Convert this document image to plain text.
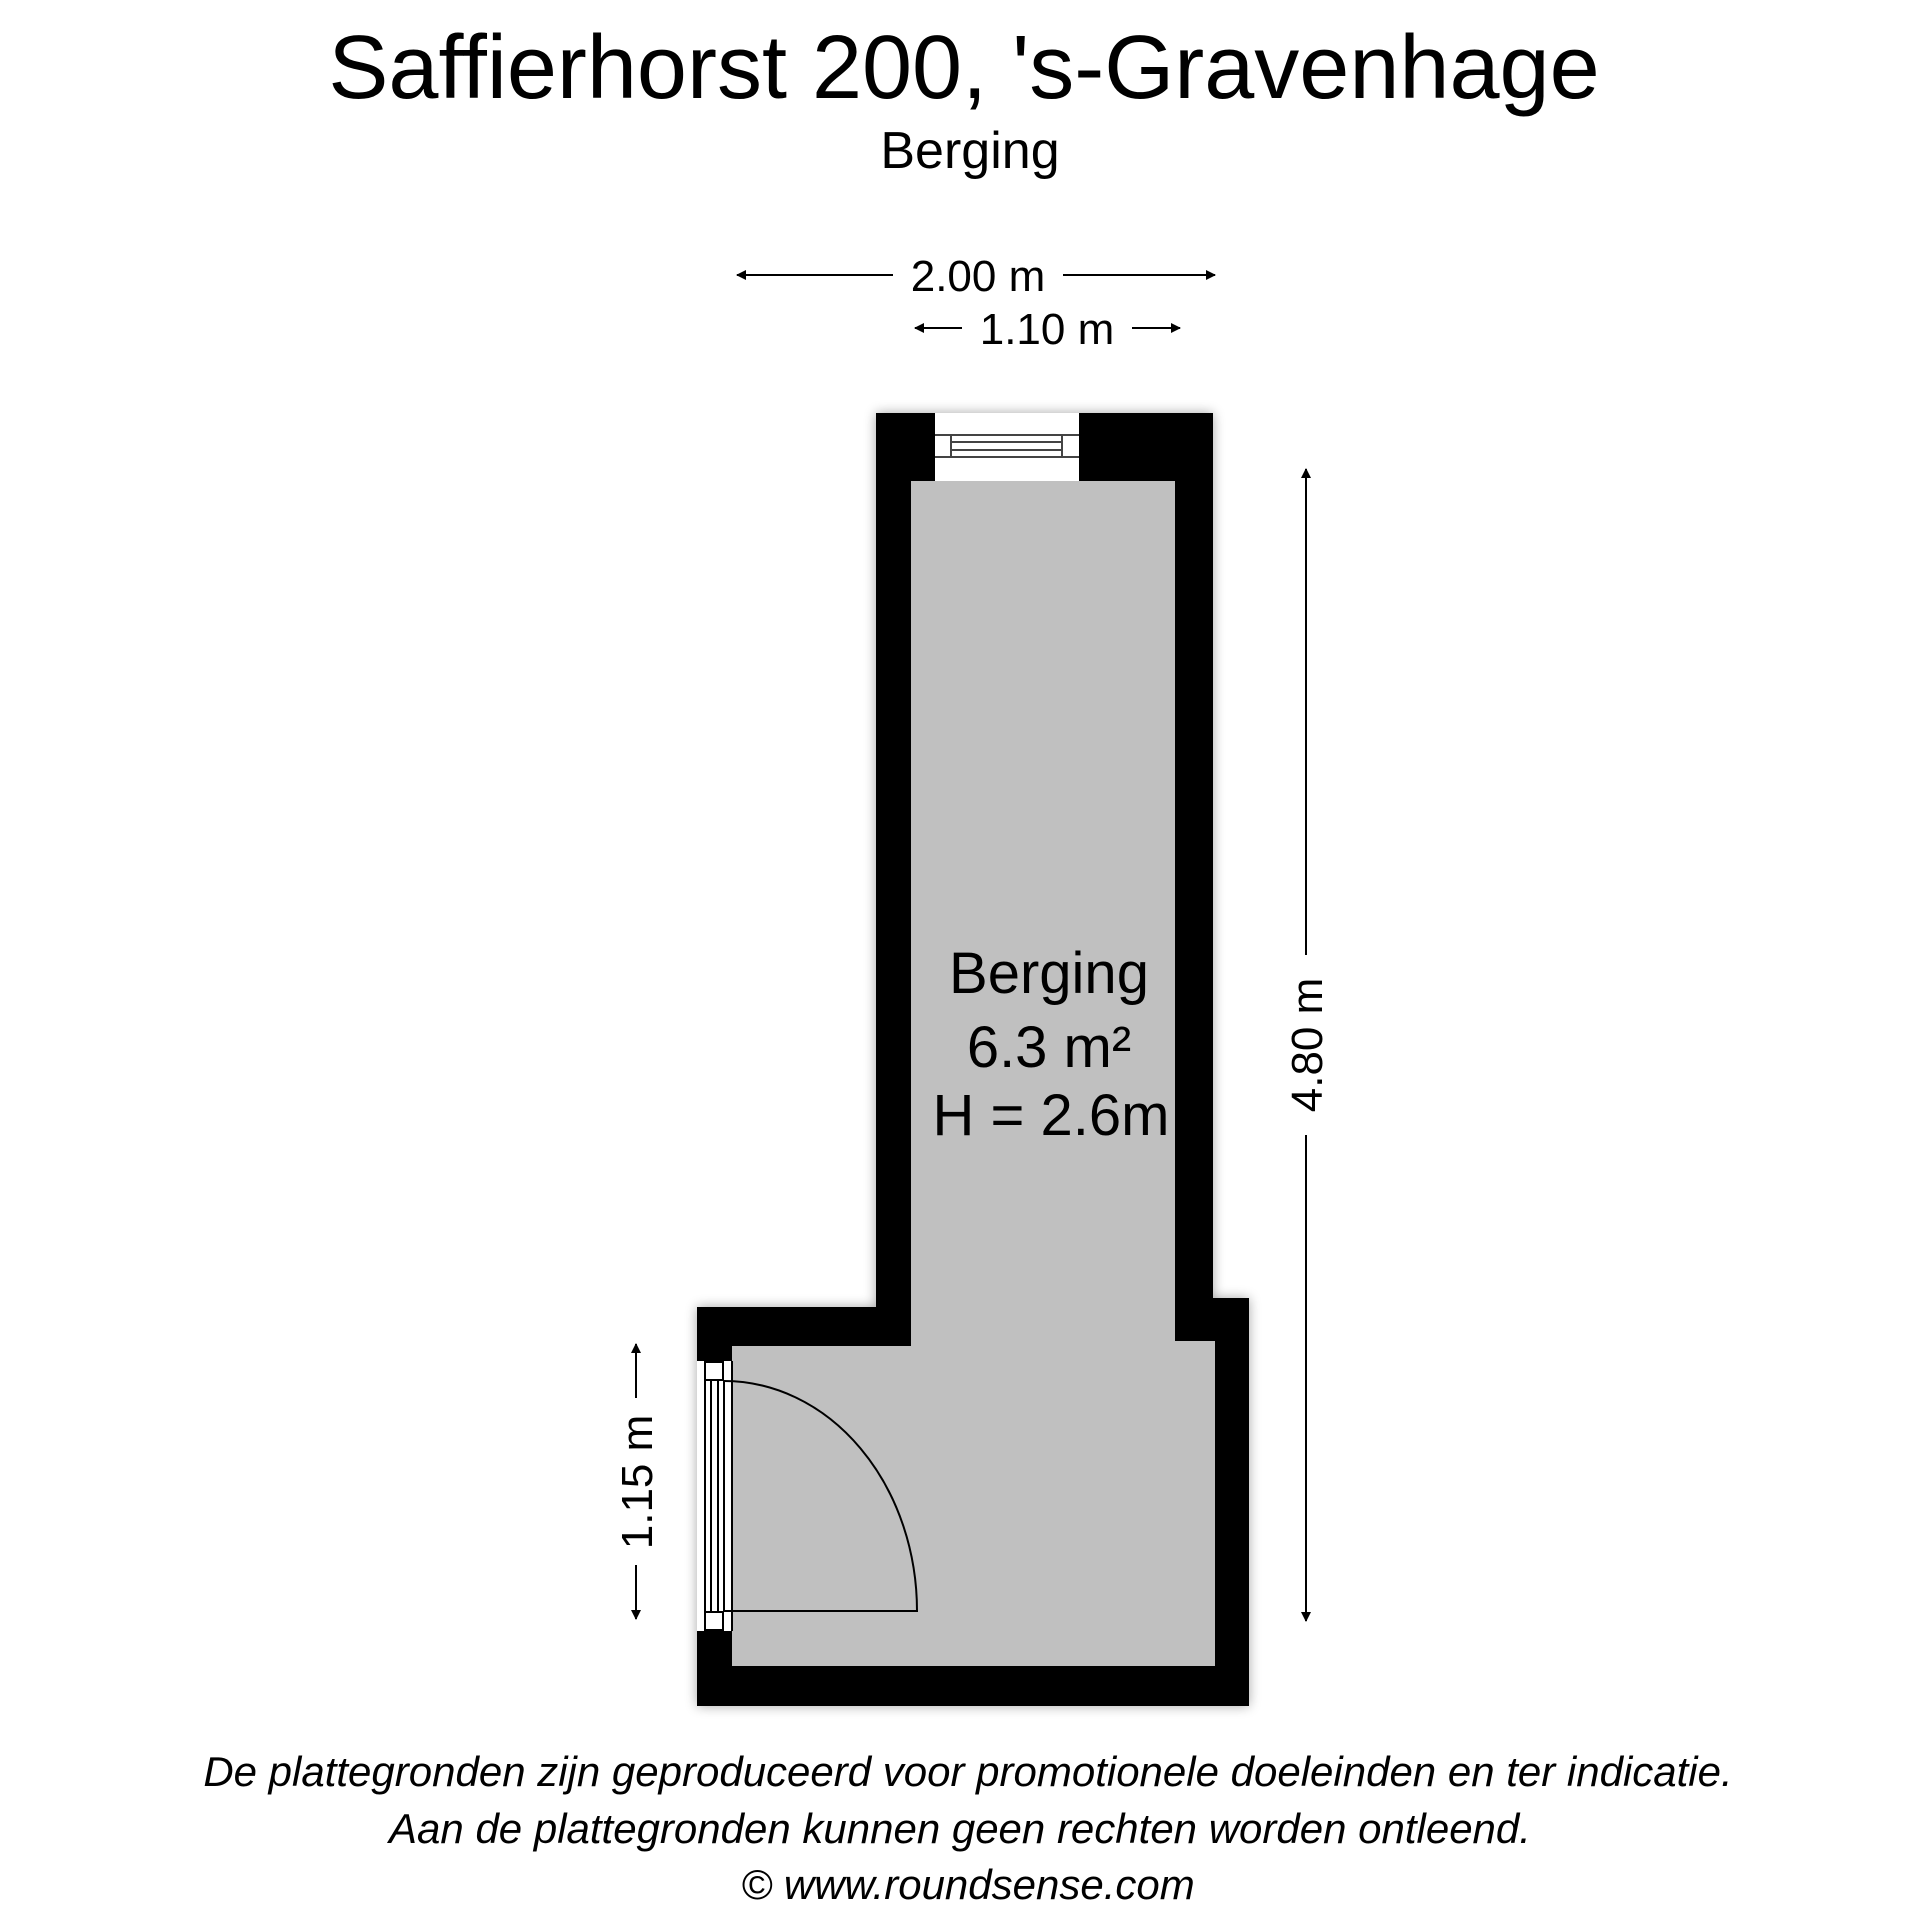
Saffierhorst 200, 's-Gravenhage
Berging
2.00 m
1.10 m
4.80 m
1.15 m
Berging
6.3 m²
H = 2.6m
De plattegronden zijn geproduceerd voor promotionele doeleinden en ter indicatie.
Aan de plattegronden kunnen geen rechten worden ontleend.
© www.roundsense.com
